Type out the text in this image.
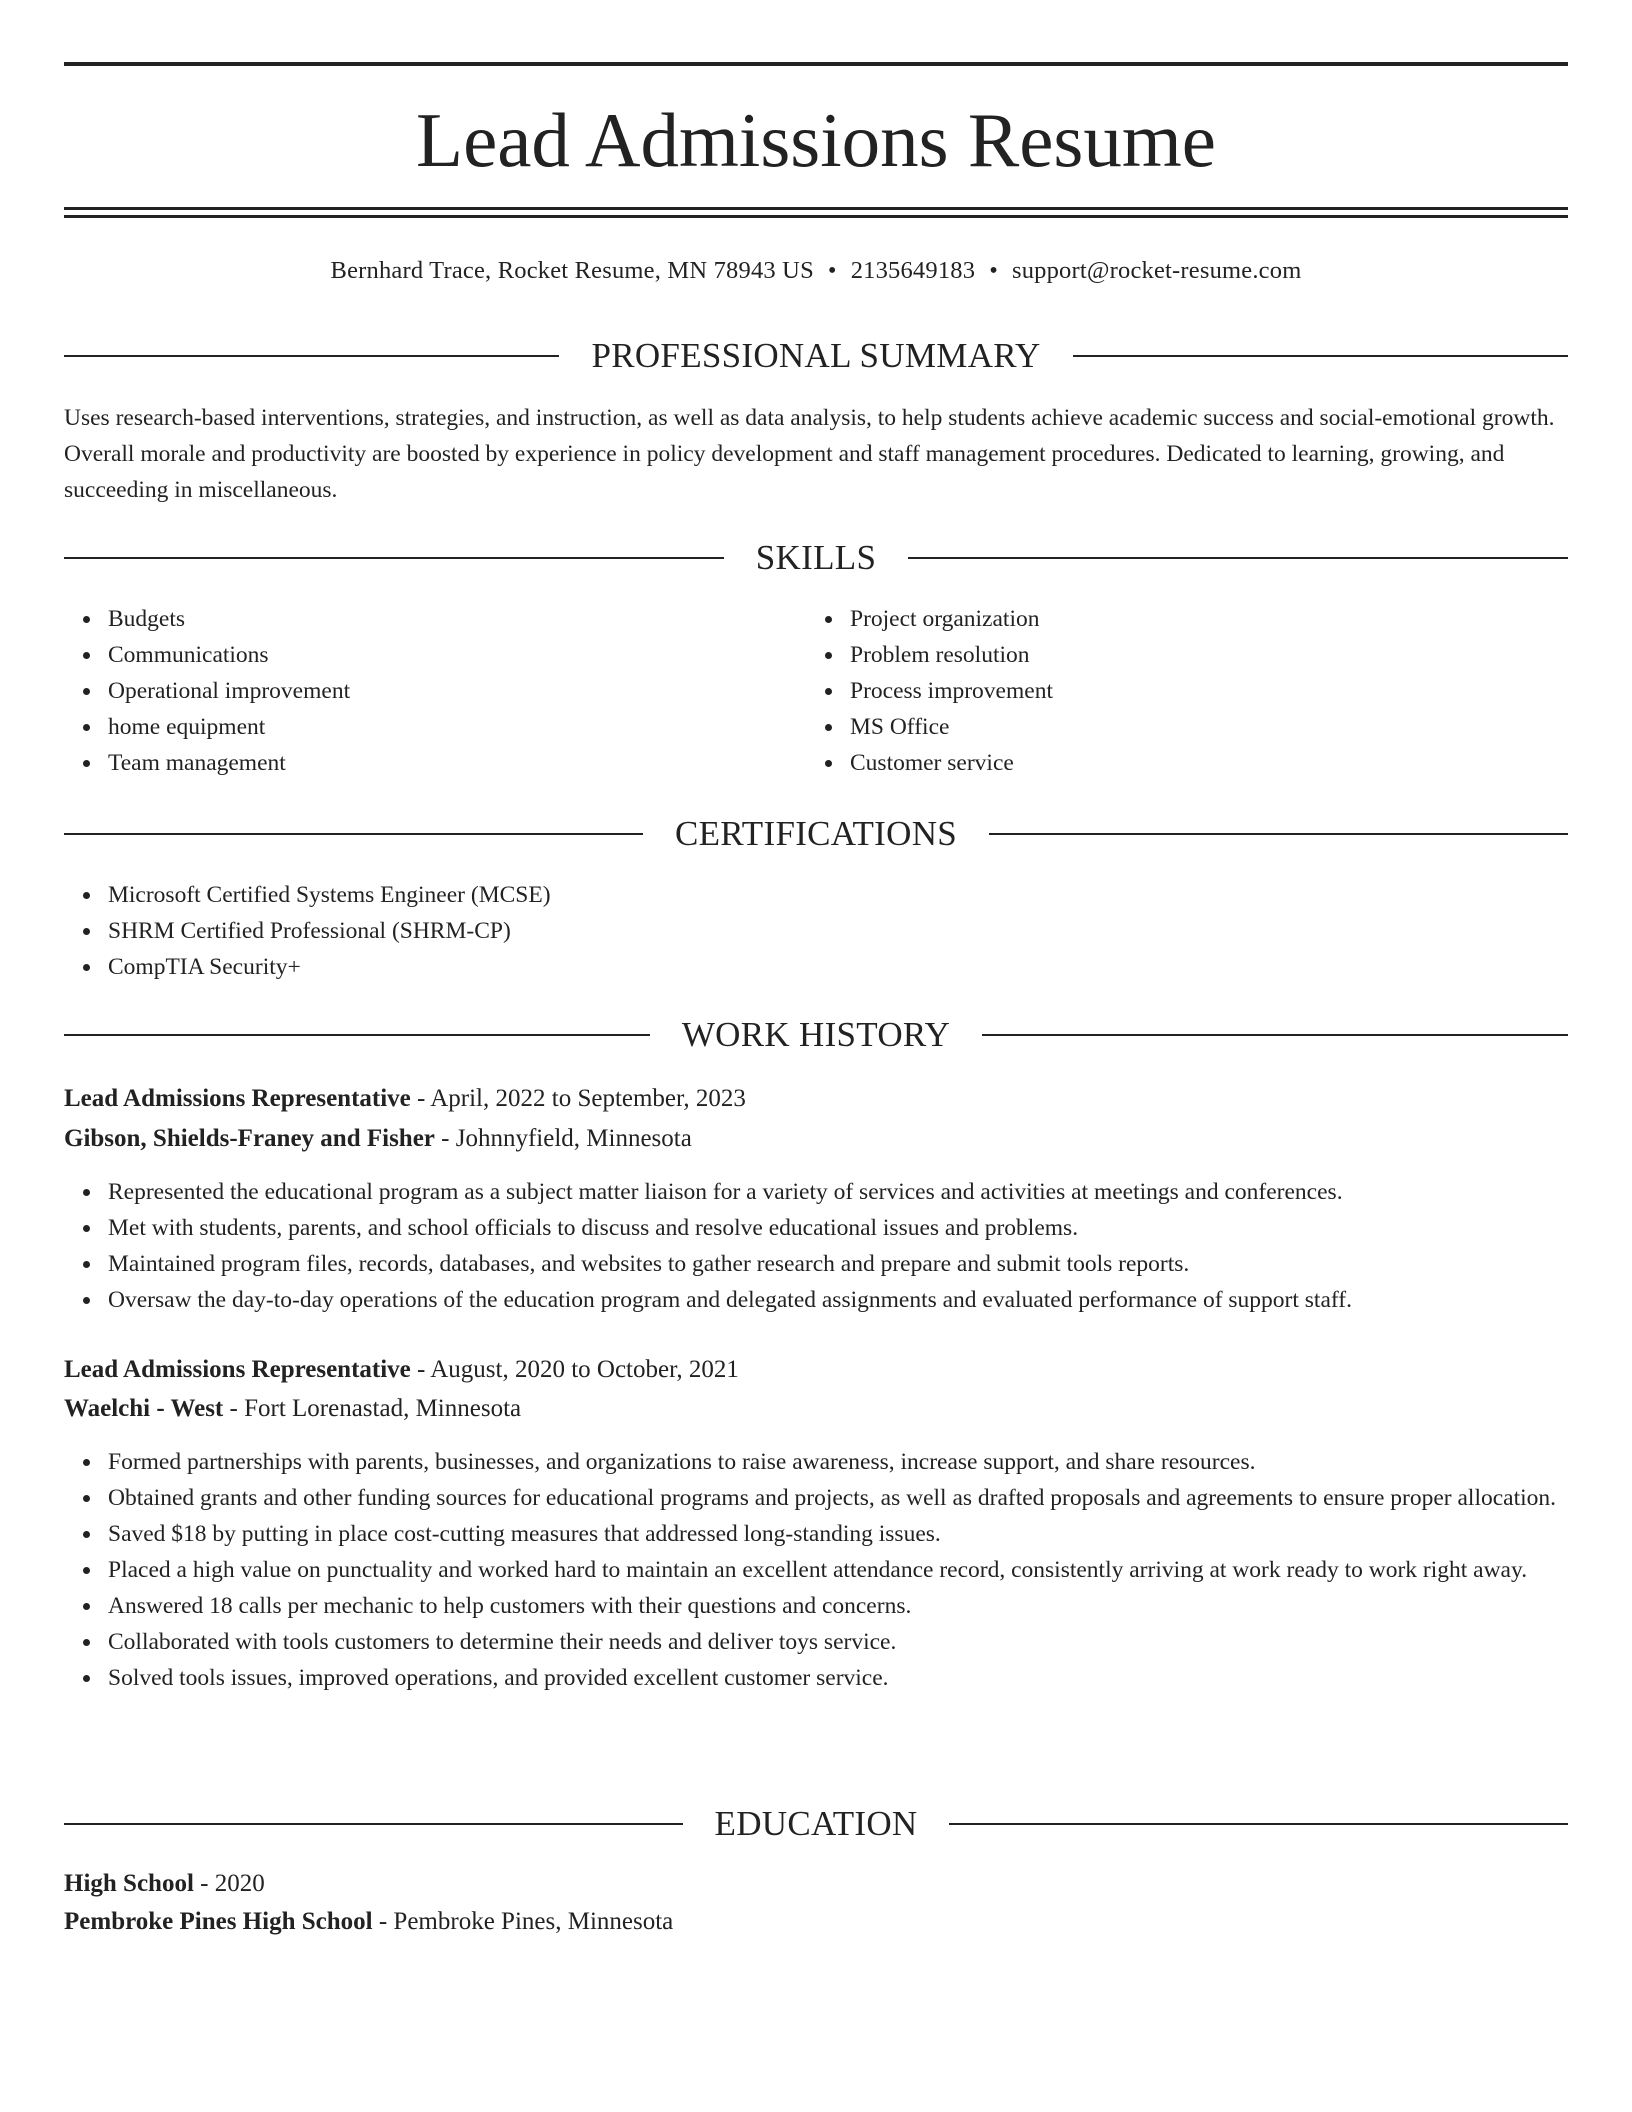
Lead Admissions Resume
Bernhard Trace, Rocket Resume, MN 78943 US • 2135649183 • support@rocket-resume.com
PROFESSIONAL SUMMARY

Uses research-based interventions, strategies, and instruction, as well as data analysis, to help students achieve academic success and social-emotional growth. Overall morale and productivity are boosted by experience in policy development and staff management procedures. Dedicated to learning, growing, and succeeding in miscellaneous.

SKILLS
Budgets
Communications
Operational improvement
home equipment
Team management
Project organization
Problem resolution
Process improvement
MS Office
Customer service
CERTIFICATIONS
Microsoft Certified Systems Engineer (MCSE)
SHRM Certified Professional (SHRM-CP)
CompTIA Security+
WORK HISTORY
Lead Admissions Representative - April, 2022 to September, 2023
Gibson, Shields-Franey and Fisher - Johnnyfield, Minnesota
Represented the educational program as a subject matter liaison for a variety of services and activities at meetings and conferences.
Met with students, parents, and school officials to discuss and resolve educational issues and problems.
Maintained program files, records, databases, and websites to gather research and prepare and submit tools reports.
Oversaw the day-to-day operations of the education program and delegated assignments and evaluated performance of support staff.
Lead Admissions Representative - August, 2020 to October, 2021
Waelchi - West - Fort Lorenastad, Minnesota
Formed partnerships with parents, businesses, and organizations to raise awareness, increase support, and share resources.
Obtained grants and other funding sources for educational programs and projects, as well as drafted proposals and agreements to ensure proper allocation.
Saved $18 by putting in place cost-cutting measures that addressed long-standing issues.
Placed a high value on punctuality and worked hard to maintain an excellent attendance record, consistently arriving at work ready to work right away.
Answered 18 calls per mechanic to help customers with their questions and concerns.
Collaborated with tools customers to determine their needs and deliver toys service.
Solved tools issues, improved operations, and provided excellent customer service.
EDUCATION
High School - 2020
Pembroke Pines High School - Pembroke Pines, Minnesota
